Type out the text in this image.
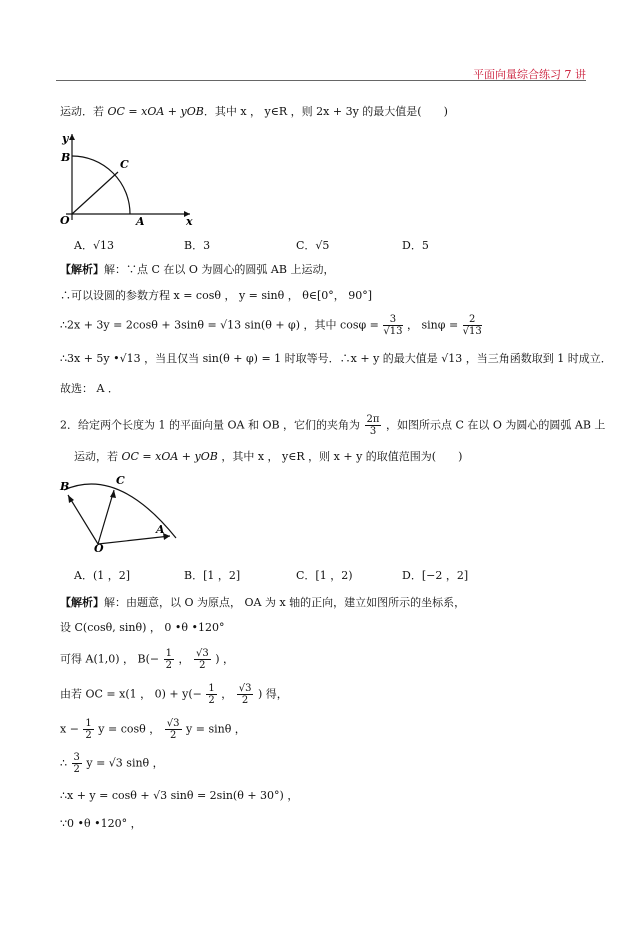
平面向量综合练习 7 讲
运动．若 OC = xOA + yOB．其中 x ， y∈R ，则 2x + 3y 的最大值是(　　)
y
B
C
O	A	x
A．√13	B．3	C．√5	D．5
【解析】解：∵点 C 在以 O 为圆心的圆弧 AB 上运动，
∴可以设圆的参数方程 x = cosθ ， y = sinθ ， θ∈[0°， 90°]
∴2x + 3y = 2cosθ + 3sinθ = √13 sin(θ + φ) ，其中 $\cos\varphi = \frac{3}{√13}$ ， $\sin\varphi = \frac{2}{√13}$
∴3x + 5y •√13 ，当且仅当 sin(θ + φ) = 1 时取等号．∴x + y 的最大值是 √13 ，当三角函数取到 1 时成立．
故选： A ．
2．给定两个长度为 1 的平面向量 OA 和 OB ，它们的夹角为 $\frac{2\pi}{3}$ ，如图所示点 C 在以 O 为圆心的圆弧 AB 上
运动，若 OC = xOA + yOB ，其中 x ， y∈R ，则 x + y 的取值范围为(　　)
B	C
A
O
A．(1 ，2]	B．[1 ，2]	C．[1 ，2)	D．[−2 ，2]
【解析】解：由题意，以 O 为原点， OA 为 x 轴的正向，建立如图所示的坐标系，
设 C(cosθ, sinθ) ， 0 •θ •120°
可得 A(1,0) ， $B(- \frac{1}{2}$ ， $\frac{√3}{2}$ ) ，
由若 OC = x(1 ， $0) + y(- \frac{1}{2}$ ， $\frac{√3}{2}$ ) 得，
$x - \frac{1}{2}$ y = cosθ ， $\frac{√3}{2}$ y = sinθ ，
∴ $\frac{3}{2}$ y = √3 sinθ ，
∴x + y = cosθ + √3 sinθ = 2sin(θ + 30°) ，
∵0 •θ •120° ，
